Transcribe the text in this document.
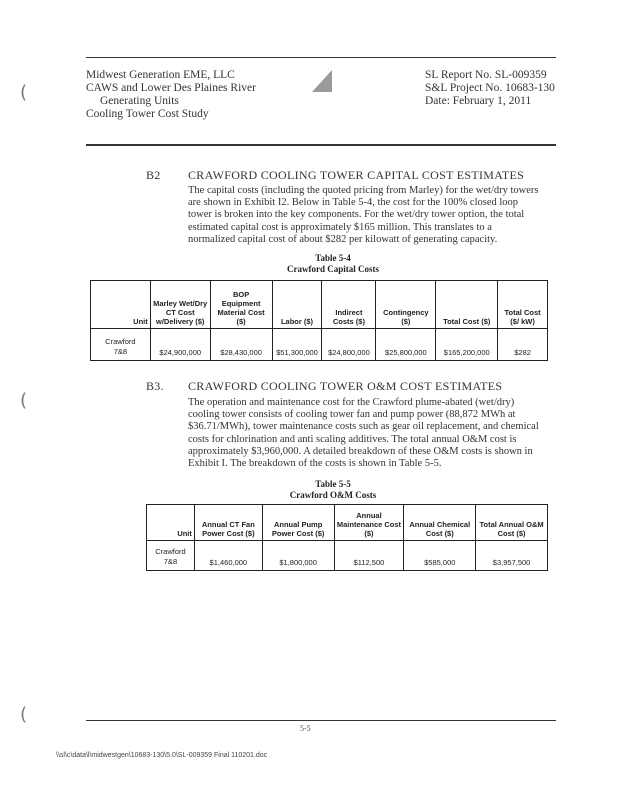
Midwest Generation EME, LLC
CAWS and Lower Des Plaines River
Generating Units
Cooling Tower Cost Study
SL Report No. SL-009359
S&L Project No. 10683-130
Date: February 1, 2011
B2 CRAWFORD COOLING TOWER CAPITAL COST ESTIMATES
The capital costs (including the quoted pricing from Marley) for the wet/dry towers are shown in Exhibit I2. Below in Table 5-4, the cost for the 100% closed loop tower is broken into the key components. For the wet/dry tower option, the total estimated capital cost is approximately $165 million. This translates to a normalized capital cost of about $282 per kilowatt of generating capacity.
Table 5-4
Crawford Capital Costs
Unit	Marley Wet/Dry CT Cost w/Delivery ($)	BOP Equipment Material Cost ($)	Labor ($)	Indirect Costs ($)	Contingency ($)	Total Cost ($)	Total Cost ($/ kW)

Crawford
7&8	$24,900,000	$28,430,000	$51,300,000	$24,800,000	$25,800,000	$165,200,000	$282
B3. CRAWFORD COOLING TOWER O&M COST ESTIMATES
The operation and maintenance cost for the Crawford plume-abated (wet/dry) cooling tower consists of cooling tower fan and pump power (88,872 MWh at $36.71/MWh), tower maintenance costs such as gear oil replacement, and chemical costs for chlorination and anti scaling additives. The total annual O&M cost is approximately $3,960,000. A detailed breakdown of these O&M costs is shown in Exhibit I. The breakdown of the costs is shown in Table 5-5.
Table 5-5
Crawford O&M Costs
Unit	Annual CT Fan Power Cost ($)	Annual Pump Power Cost ($)	Annual Maintenance Cost ($)	Annual Chemical Cost ($)	Total Annual O&M Cost ($)

Crawford
7&8	$1,460,000	$1,800,000	$112,500	$585,000	$3,957,500
(
(
(
5-5
\\sl\c\data\l\midwestgen\10683-130\5.0\SL-009359 Final 110201.doc
